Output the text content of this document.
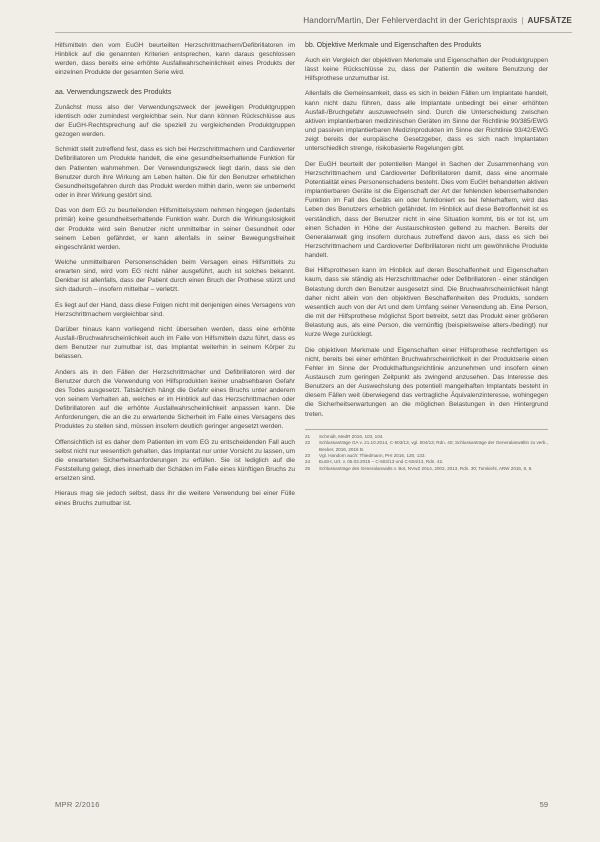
Handorn/Martin, Der Fehlerverdacht in der Gerichtspraxis | AUFSÄTZE

Hilfsmitteln den vom EuGH beurteilten Herzschrittmachern/Defibrillatoren im Hinblick auf die genannten Kriterien entsprechen, kann daraus geschlossen werden, dass bereits eine erhöhte Ausfallwahrscheinlichkeit eines Produkts der einzelnen Produkte der gesamten Serie wird.

aa. Verwendungszweck des Produkts

Zunächst muss also der Verwendungszweck der jeweiligen Produktgruppen identisch oder zumindest vergleichbar sein. Nur dann können Rückschlüsse aus der EuGH-Rechtsprechung auf die speziell zu vergleichenden Produktgruppen gezogen werden.

Schmidt stellt zutreffend fest, dass es sich bei Herzschrittmachern und Cardioverter Defibrillatoren um Produkte handelt, die eine gesundheitserhaltende Funktion für den Patienten wahrnehmen. Der Verwendungszweck liegt darin, dass sie den Benutzer durch ihre Wirkung am Leben halten. Die für den Benutzer erheblichen Gesundheitsgefahren durch das Produkt werden mithin darin, wenn sie unbemerkt oder in ihrer Wirkung gestört sind.

Das von dem EG zu beurteilenden Hilfsmittelsystem nehmen hingegen (jedenfalls primär) keine gesundheitserhaltende Funktion wahr. Durch die Wirkungslosigkeit der Produkte wird sein Benutzer nicht unmittelbar in seiner Gesundheit oder seinem Leben gefährdet, er kann allenfalls in seiner Bewegungsfreiheit eingeschränkt werden.

Welche unmittelbaren Personenschäden beim Versagen eines Hilfsmittels zu erwarten sind, wird vom EG nicht näher ausgeführt, auch ist solches bekannt. Denkbar ist allenfalls, dass der Patient durch einen Bruch der Prothese stürzt und sich dadurch – insofern mittelbar – verletzt.

Es liegt auf der Hand, dass diese Folgen nicht mit denjenigen eines Versagens von Herzschrittmachern vergleichbar sind.

Darüber hinaus kann vorliegend nicht übersehen werden, dass eine erhöhte Ausfall-/Bruchwahrscheinlichkeit auch im Falle von Hilfsmitteln dazu führt, dass es dem Benutzer nur zumutbar ist, das Implantat weiterhin in seinem Körper zu belassen.

Anders als in den Fällen der Herzschrittmacher und Defibrillatoren wird der Benutzer durch die Verwendung von Hilfsprodukten keiner unabsehbaren Gefahr des Todes ausgesetzt. Tatsächlich hängt die Gefahr eines Bruchs unter anderem von seinem Verhalten ab, welches er im Hinblick auf das Herzschrittmachen oder Defibrillatoren auf die erhöhte Ausfallwahrscheinlichkeit anpassen kann. Die Anforderungen, die an die zu erwartende Sicherheit im Falle eines Versagens des Produktes zu stellen sind, müssen insofern deutlich geringer angesetzt werden.

Offensichtlich ist es daher dem Patienten im vom EG zu entscheidenden Fall auch selbst nicht nur wesentlich gehalten, das Implantat nur unter Vorsicht zu lassen, um die erwarteten Sicherheitsanforderungen zu erfüllen. Sie ist lediglich auf die Feststellung gelegt, dies innerhalb der Schäden im Falle eines künftigen Bruchs zu ersetzen sind.

Hieraus mag sie jedoch selbst, dass ihr die weitere Verwendung bei einer Fülle eines Bruchs zumutbar ist.

bb. Objektive Merkmale und Eigenschaften des Produkts

Auch ein Vergleich der objektiven Merkmale und Eigenschaften der Produktgruppen lässt keine Rückschlüsse zu, dass der Patientin die weitere Benutzung der Hilfsprothese unzumutbar ist.

Allenfalls die Gemeinsamkeit, dass es sich in beiden Fällen um Implantate handelt, kann nicht dazu führen, dass alle Implantate unbedingt bei einer erhöhten Ausfall-/Bruchgefahr auszuwechseln sind. Durch die Unterscheidung zwischen aktiven implantierbaren medizinischen Geräten im Sinne der Richtlinie 90/385/EWG und passiven implantierbaren Medizinprodukten im Sinne der Richtlinie 93/42/EWG zeigt bereits der europäische Gesetzgeber, dass es sich nach Implantaten unterschiedlich strenge, risikobasierte Regelungen gibt.

Der EuGH beurteilt der potentiellen Mangel in Sachen der Zusammenhang von Herzschrittmachern und Cardioverter Defibrillatoren damit, dass eine anormale Potentialität eines Personenschadens besteht. Dies vom EuGH behandelten aktiven implantierbaren Geräte ist die Eigenschaft der Art der fehlenden lebenserhaltenden Funktion im Fall des Geräts ein oder funktioniert es bei fehlerhaftem, wird das Leben des Benutzers erheblich gefährdet. Im Hinblick auf diese Betroffenheit ist es verständlich, dass der Benutzer nicht in eine Situation kommt, bis er tot ist, um einen Schaden in Höhe der Austauschkosten geltend zu machen. Bereits der Generalanwalt ging insofern durchaus zutreffend davon aus, dass es sich bei Herzschrittmachern und Cardioverter Defibrillatoren nicht um gewöhnliche Produkte handelt.

Bei Hilfsprothesen kann im Hinblick auf deren Beschaffenheit und Eigenschaften kaum, dass sie ständig als Herzschrittmacher oder Defibrillatoren - einer ständigen Belastung durch den Benutzer ausgesetzt sind. Die Bruchwahrscheinlichkeit hängt daher nicht allein von den objektiven Beschaffenheiten des Produkts, sondern wesentlich auch von der Art und dem Umfang seiner Verwendung ab. Eine Person, die mit der Hilfsprothese möglichst Sport betreibt, setzt das Produkt einer größeren Belastung aus, als eine Person, die vernünftig (beispielsweise alters-/bedingt) nur kurze Wege zurücklegt.

Die objektiven Merkmale und Eigenschaften einer Hilfsprothese rechtfertigen es nicht, bereits bei einer erhöhten Bruchwahrscheinlichkeit in der Produktserie einen Fehler im Sinne der Produkthaftungsrichtlinie anzunehmen und insofern einen Austausch zum geringen Zeitpunkt als zwingend anzusehen. Das Interesse des Benutzers an der Auswechslung des potentiell mangelhaften Implantats besteht in diesem Fällen weit überwiegend das vertragliche Äquivalenzinteresse, wohingegen die Sicherheitserwartungen an die möglichen Belastungen in den Hintergrund treten.

21	Schmidt, MedR 2016, 103, 104.
22	Schlussanträge GA v. 21.10.2014, C-503/13, vgl. 504/13; Rdn. 40; Schlussanträge der Generalanwältin zu verb., Becker, 2016, 2016 B.
23	Vgl. Handorn auch: Thiedmann, PHi 2016, 130, 133.
24	EuGH, Urt. v. 05.03.2015 – C-503/13 und C-504/13, Rdn. 42.
25	Schlussanträge des Generalanwalts v. Bot, NVwZ 2014, 2002, 2013, Rdn. 30; Tomkiehl, ARW 2016, 8, 8.
MPR 2/2016	59
